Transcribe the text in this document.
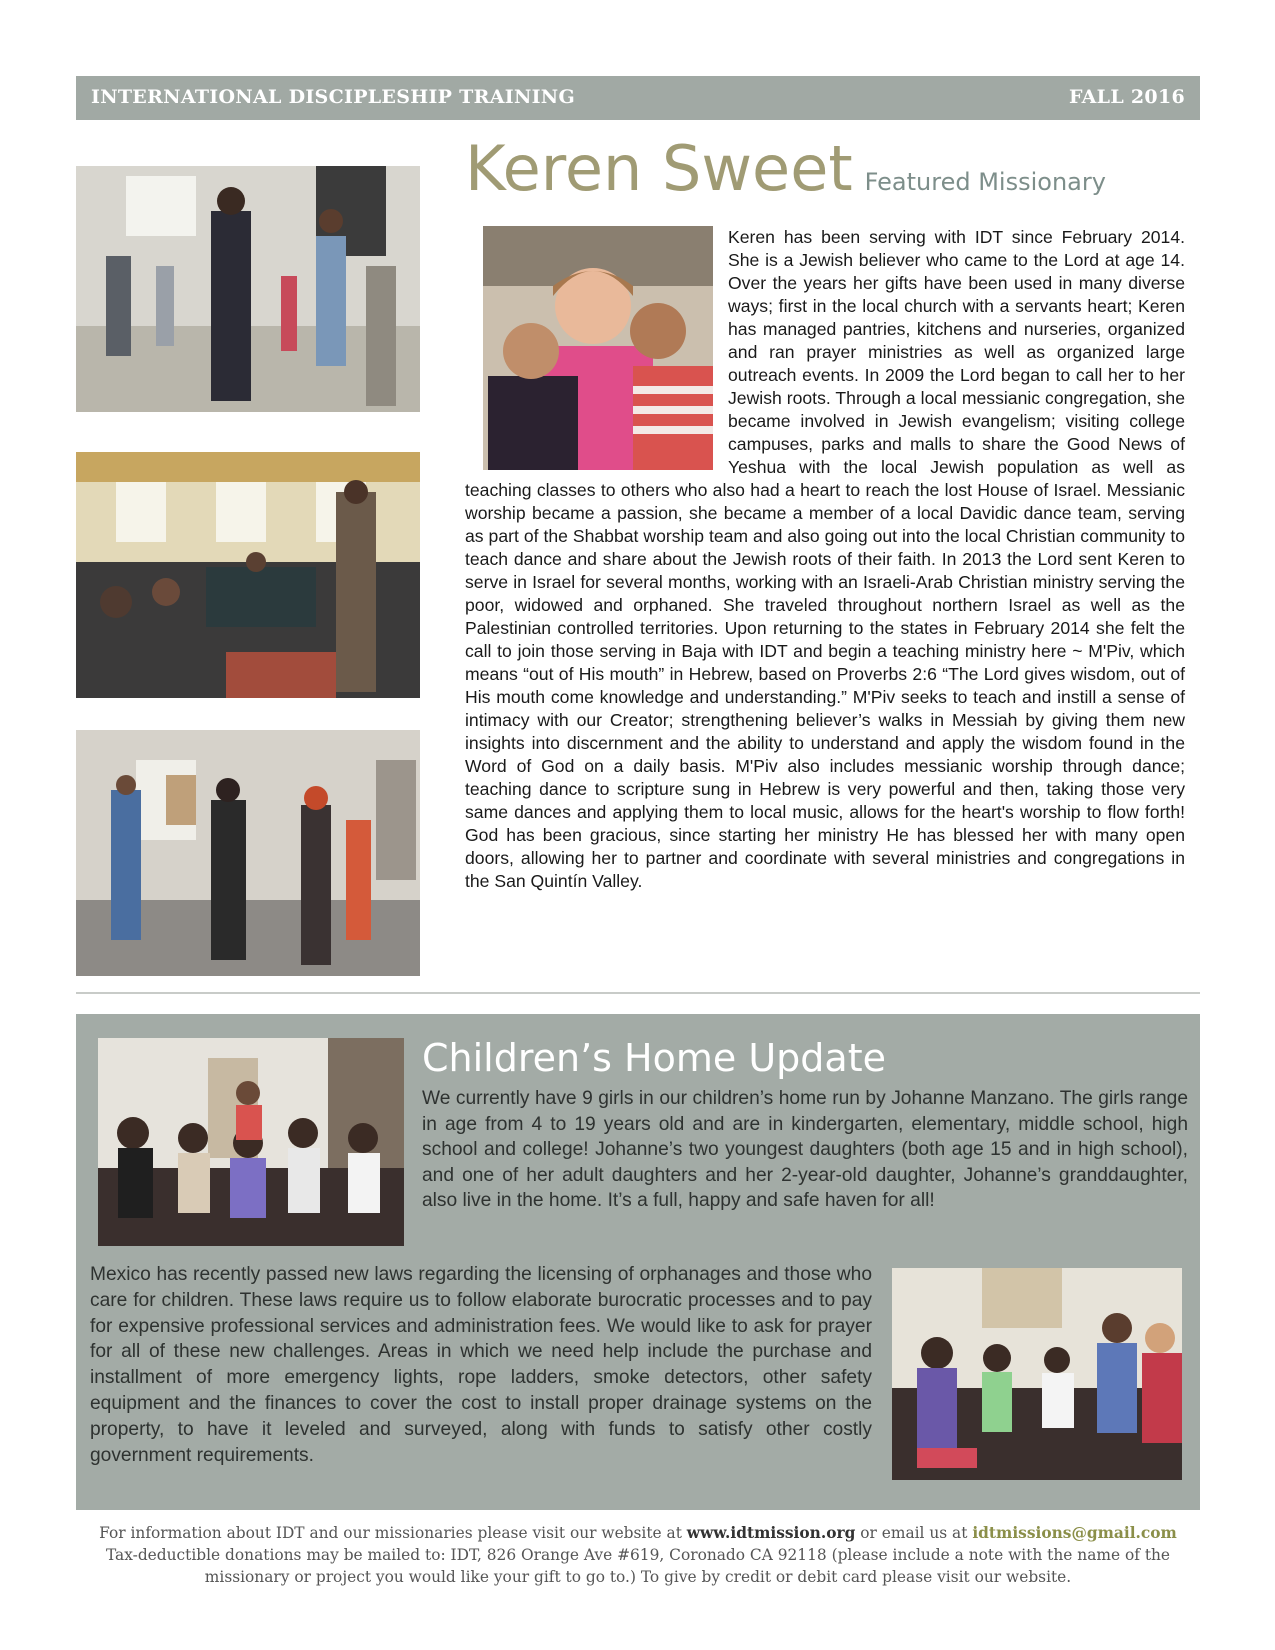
INTERNATIONAL DISCIPLESHIP TRAINING	FALL 2016
Keren Sweet Featured Missionary
Keren has been serving with IDT since February 2014. She is a Jewish believer who came to the Lord at age 14. Over the years her gifts have been used in many diverse ways; first in the local church with a servants heart; Keren has managed pantries, kitchens and nurseries, organized and ran prayer ministries as well as organized large outreach events. In 2009 the Lord began to call her to her Jewish roots. Through a local messianic congregation, she became involved in Jewish evangelism; visiting college campuses, parks and malls to share the Good News of Yeshua with the local Jewish population as well as teaching classes to others who also had a heart to reach the lost House of Israel. Messianic worship became a passion, she became a member of a local Davidic dance team, serving as part of the Shabbat worship team and also going out into the local Christian community to teach dance and share about the Jewish roots of their faith. In 2013 the Lord sent Keren to serve in Israel for several months, working with an Israeli-Arab Christian ministry serving the poor, widowed and orphaned. She traveled throughout northern Israel as well as the Palestinian controlled territories. Upon returning to the states in February 2014 she felt the call to join those serving in Baja with IDT and begin a teaching ministry here ~ M'Piv, which means “out of His mouth” in Hebrew, based on Proverbs 2:6 “The Lord gives wisdom, out of His mouth come knowledge and understanding.” M'Piv seeks to teach and instill a sense of intimacy with our Creator; strengthening believer’s walks in Messiah by giving them new insights into discernment and the ability to understand and apply the wisdom found in the Word of God on a daily basis. M'Piv also includes messianic worship through dance; teaching dance to scripture sung in Hebrew is very powerful and then, taking those very same dances and applying them to local music, allows for the heart's worship to flow forth! God has been gracious, since starting her ministry He has blessed her with many open doors, allowing her to partner and coordinate with several ministries and congregations in the San Quintín Valley.
Children’s Home Update
We currently have 9 girls in our children’s home run by Johanne Manzano. The girls range in age from 4 to 19 years old and are in kindergarten, elementary, middle school, high school and college! Johanne’s two youngest daughters (both age 15 and in high school), and one of her adult daughters and her 2-year-old daughter, Johanne’s granddaughter, also live in the home. It’s a full, happy and safe haven for all!
Mexico has recently passed new laws regarding the licensing of orphanages and those who care for children. These laws require us to follow elaborate burocratic processes and to pay for expensive professional services and administration fees. We would like to ask for prayer for all of these new challenges. Areas in which we need help include the purchase and installment of more emergency lights, rope ladders, smoke detectors, other safety equipment and the finances to cover the cost to install proper drainage systems on the property, to have it leveled and surveyed, along with funds to satisfy other costly government requirements.
For information about IDT and our missionaries please visit our website at www.idtmission.org or email us at idtmissions@gmail.com
Tax-deductible donations may be mailed to: IDT, 826 Orange Ave #619, Coronado CA 92118 (please include a note with the name of the missionary or project you would like your gift to go to.) To give by credit or debit card please visit our website.
